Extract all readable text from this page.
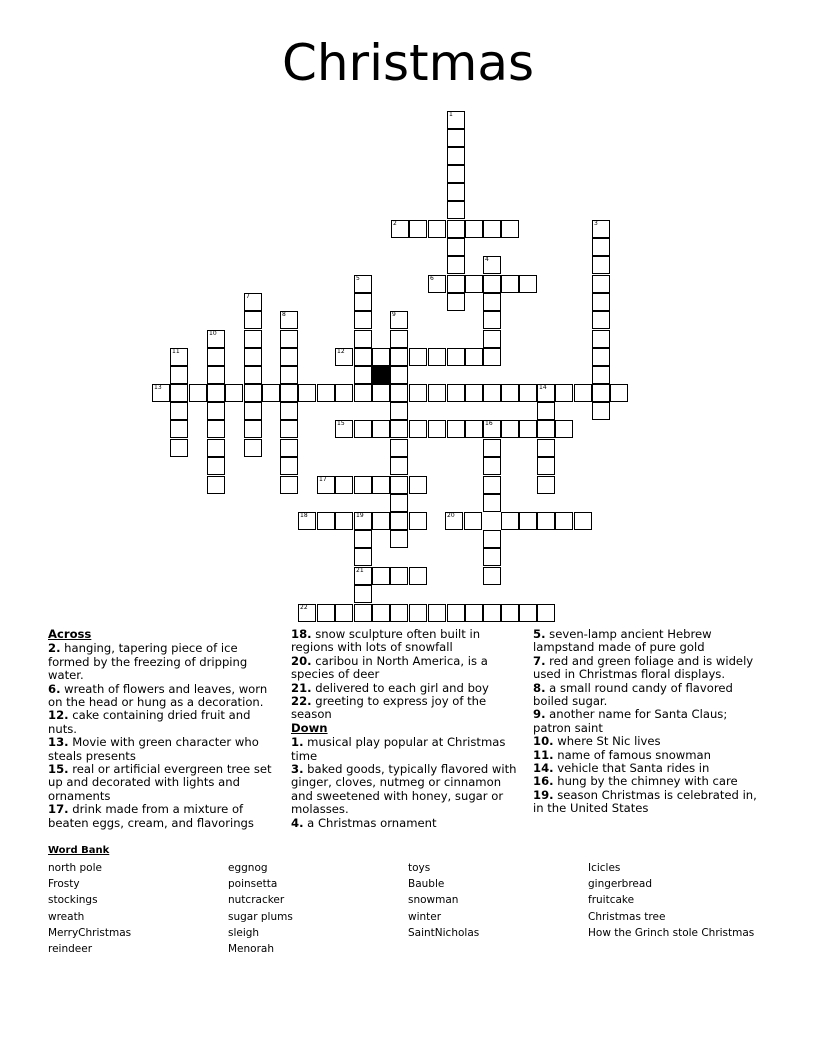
Christmas
1
2	3
4
6
5
7
8	9
10
11	12
13	14
15	16
17
18	19	20
21
22
Across
2. hanging, tapering piece of ice formed by the freezing of dripping water.
6. wreath of flowers and leaves, worn on the head or hung as a decoration.
12. cake containing dried fruit and nuts.
13. Movie with green character who steals presents
15. real or artificial evergreen tree set up and decorated with lights and ornaments
17. drink made from a mixture of beaten eggs, cream, and flavorings
18. snow sculpture often built in regions with lots of snowfall
20. caribou in North America, is a species of deer
21. delivered to each girl and boy
22. greeting to express joy of the season
Down
1. musical play popular at Christmas time
3. baked goods, typically flavored with ginger, cloves, nutmeg or cinnamon and sweetened with honey, sugar or molasses.
4. a Christmas ornament
5. seven-lamp ancient Hebrew lampstand made of pure gold
7. red and green foliage and is widely used in Christmas floral displays.
8. a small round candy of flavored boiled sugar.
9. another name for Santa Claus; patron saint
10. where St Nic lives
11. name of famous snowman
14. vehicle that Santa rides in
16. hung by the chimney with care
19. season Christmas is celebrated in, in the United States
Word Bank
north pole
Frosty
stockings
wreath
MerryChristmas
reindeer
eggnog
poinsetta
nutcracker
sugar plums
sleigh
Menorah
toys
Bauble
snowman
winter
SaintNicholas
Icicles
gingerbread
fruitcake
Christmas tree
How the Grinch stole Christmas
